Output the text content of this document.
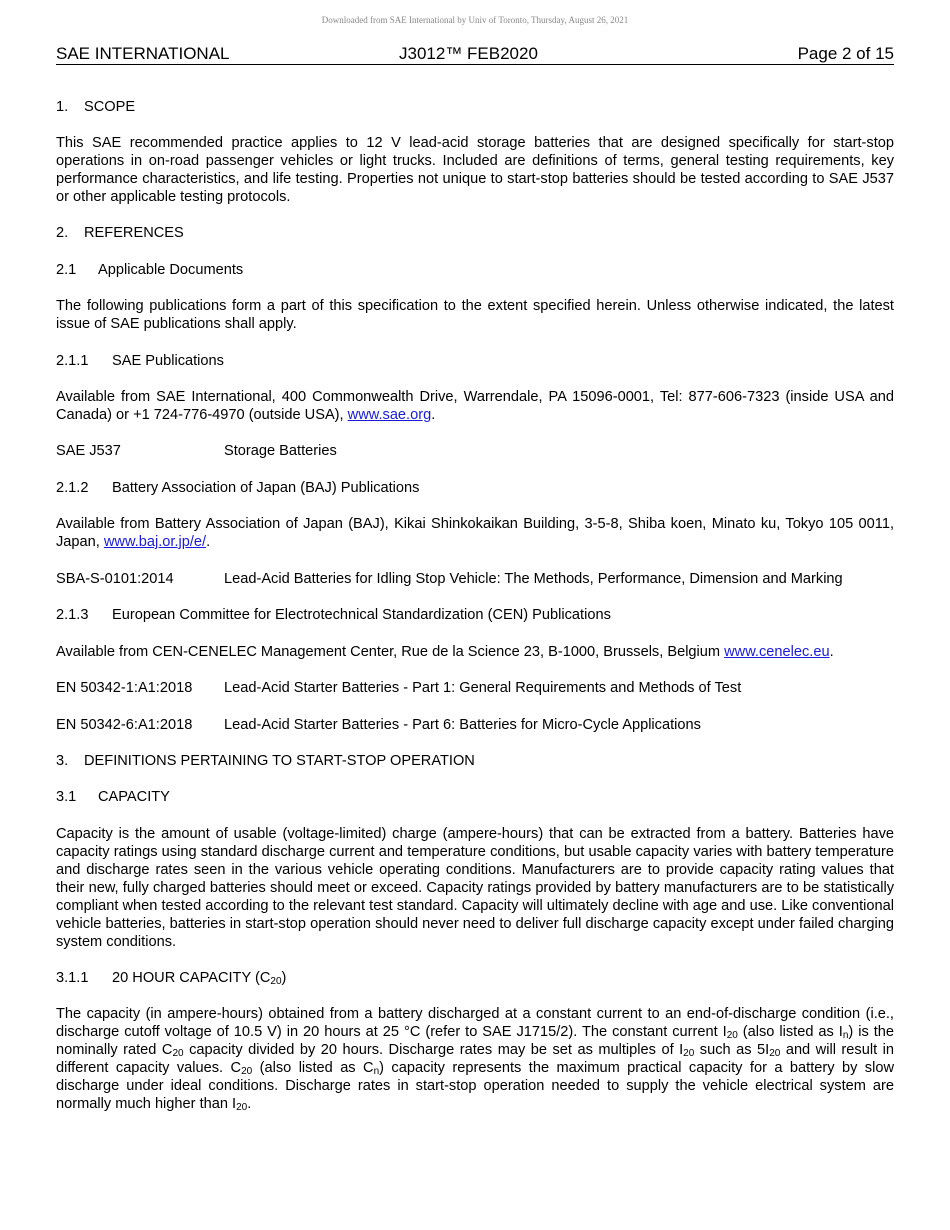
Downloaded from SAE International by Univ of Toronto, Thursday, August 26, 2021
SAE INTERNATIONAL	J3012™ FEB2020	Page 2 of 15

1. SCOPE

This SAE recommended practice applies to 12 V lead-acid storage batteries that are designed specifically for start-stop operations in on-road passenger vehicles or light trucks. Included are definitions of terms, general testing requirements, key performance characteristics, and life testing. Properties not unique to start-stop batteries should be tested according to SAE J537 or other applicable testing protocols.

2. REFERENCES

2.1 Applicable Documents

The following publications form a part of this specification to the extent specified herein. Unless otherwise indicated, the latest issue of SAE publications shall apply.

2.1.1 SAE Publications

Available from SAE International, 400 Commonwealth Drive, Warrendale, PA 15096-0001, Tel: 877-606-7323 (inside USA and Canada) or +1 724-776-4970 (outside USA), www.sae.org.

SAE J537	Storage Batteries

2.1.2 Battery Association of Japan (BAJ) Publications

Available from Battery Association of Japan (BAJ), Kikai Shinkokaikan Building, 3-5-8, Shiba koen, Minato ku, Tokyo 105 0011, Japan, www.baj.or.jp/e/.

SBA-S-0101:2014	Lead-Acid Batteries for Idling Stop Vehicle: The Methods, Performance, Dimension and Marking

2.1.3 European Committee for Electrotechnical Standardization (CEN) Publications

Available from CEN-CENELEC Management Center, Rue de la Science 23, B-1000, Brussels, Belgium www.cenelec.eu.

EN 50342-1:A1:2018 Lead-Acid Starter Batteries - Part 1: General Requirements and Methods of Test

EN 50342-6:A1:2018 Lead-Acid Starter Batteries - Part 6: Batteries for Micro-Cycle Applications

3. DEFINITIONS PERTAINING TO START-STOP OPERATION

3.1 CAPACITY

Capacity is the amount of usable (voltage-limited) charge (ampere-hours) that can be extracted from a battery. Batteries have capacity ratings using standard discharge current and temperature conditions, but usable capacity varies with battery temperature and discharge rates seen in the various vehicle operating conditions. Manufacturers are to provide capacity rating values that their new, fully charged batteries should meet or exceed. Capacity ratings provided by battery manufacturers are to be statistically compliant when tested according to the relevant test standard. Capacity will ultimately decline with age and use. Like conventional vehicle batteries, batteries in start-stop operation should never need to deliver full discharge capacity except under failed charging system conditions.

3.1.1 20 HOUR CAPACITY $(C_{20})$

The capacity (in ampere-hours) obtained from a battery discharged at a constant current to an end-of-discharge condition (i.e., discharge cutoff voltage of 10.5 V) in 20 hours at 25 °C (refer to SAE J1715/2). The constant current $I_{20}$ (also listed as $I_n$) is the nominally rated $C_{20}$ capacity divided by 20 hours. Discharge rates may be set as multiples of $I_{20}$ such as $5I_{20}$ and will result in different capacity values. $C_{20}$ (also listed as $C_n$) capacity represents the maximum practical capacity for a battery by slow discharge under ideal conditions. Discharge rates in start-stop operation needed to supply the vehicle electrical system are normally much higher than $I_{20}$.
